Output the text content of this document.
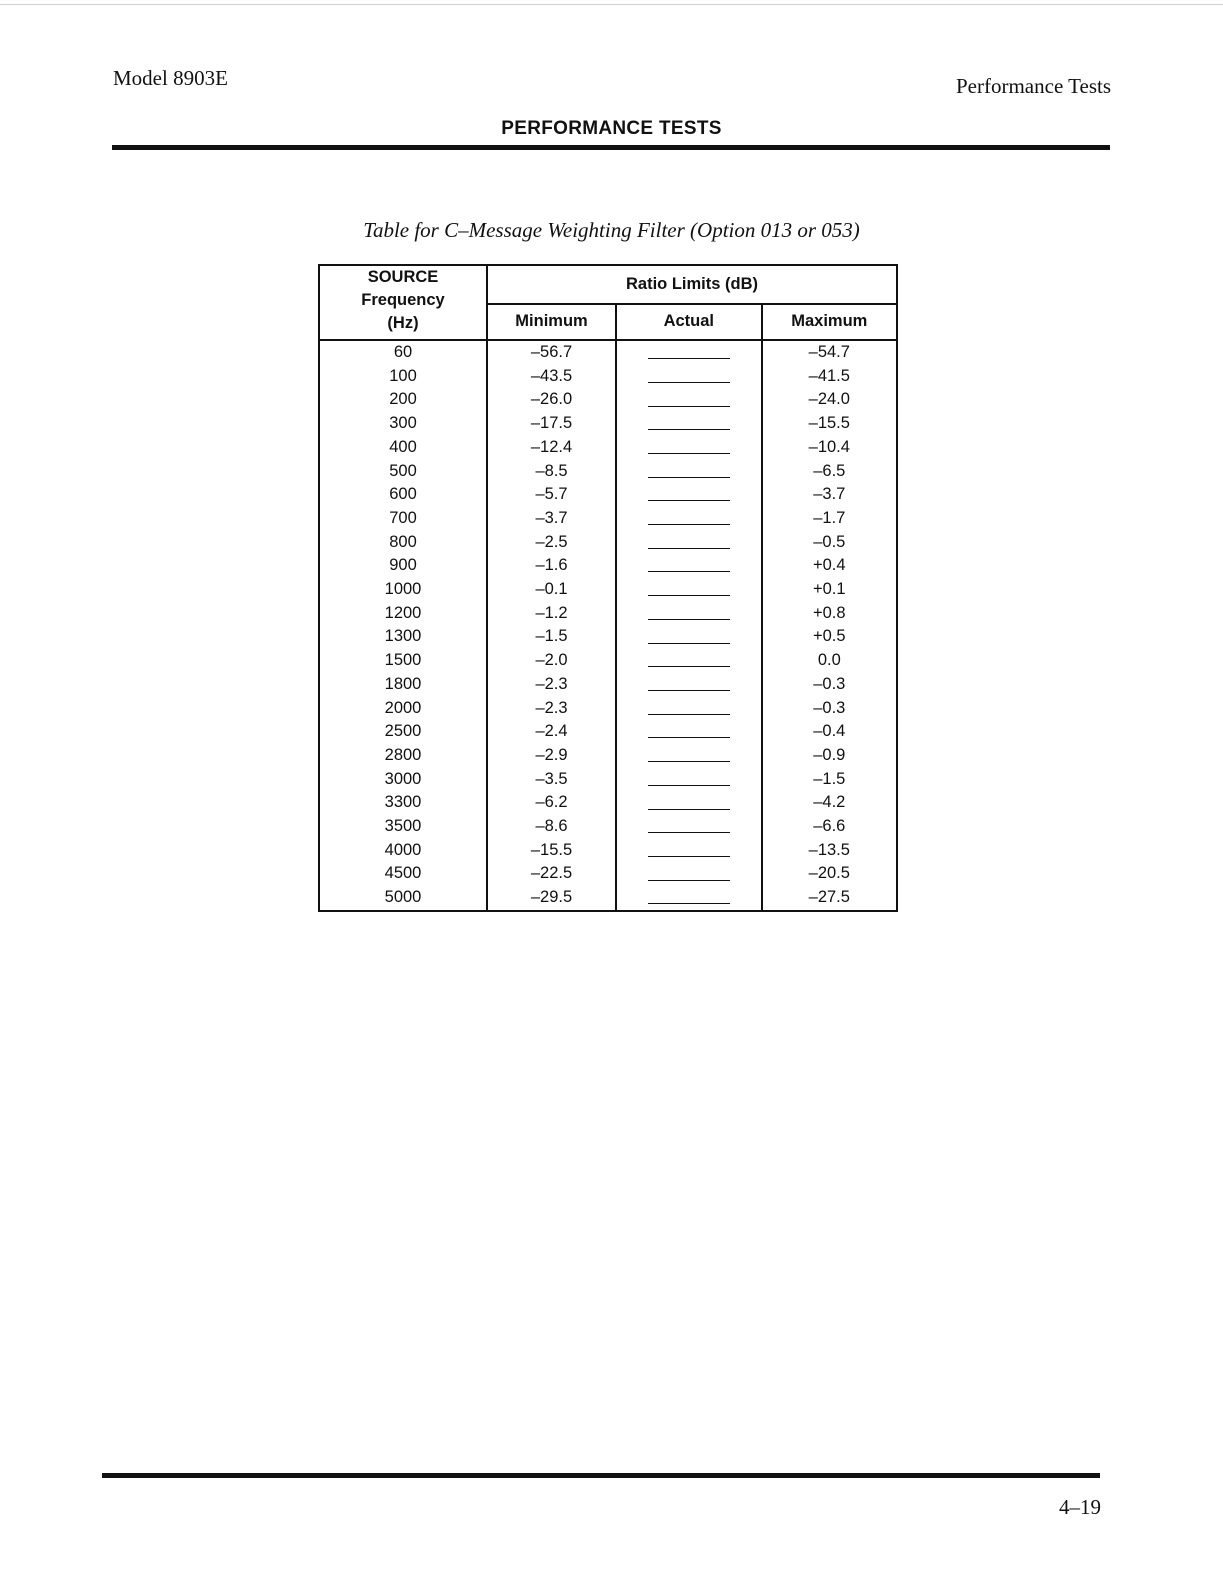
Model 8903E	Performance Tests
PERFORMANCE TESTS
Table for C–Message Weighting Filter (Option 013 or 053)
SOURCE
Frequency
(Hz)	Ratio Limits (dB)		
	Minimum	Actual	Maximum
60	–56.7		–54.7
100	–43.5		–41.5
200	–26.0		–24.0
300	–17.5		–15.5
400	–12.4		–10.4
500	–8.5		–6.5
600	–5.7		–3.7
700	–3.7		–1.7
800	–2.5		–0.5
900	–1.6		+0.4
1000	–0.1		+0.1
1200	–1.2		+0.8
1300	–1.5		+0.5
1500	–2.0		0.0
1800	–2.3		–0.3
2000	–2.3		–0.3
2500	–2.4		–0.4
2800	–2.9		–0.9
3000	–3.5		–1.5
3300	–6.2		–4.2
3500	–8.6		–6.6
4000	–15.5		–13.5
4500	–22.5		–20.5
5000	–29.5		–27.5
4–19
